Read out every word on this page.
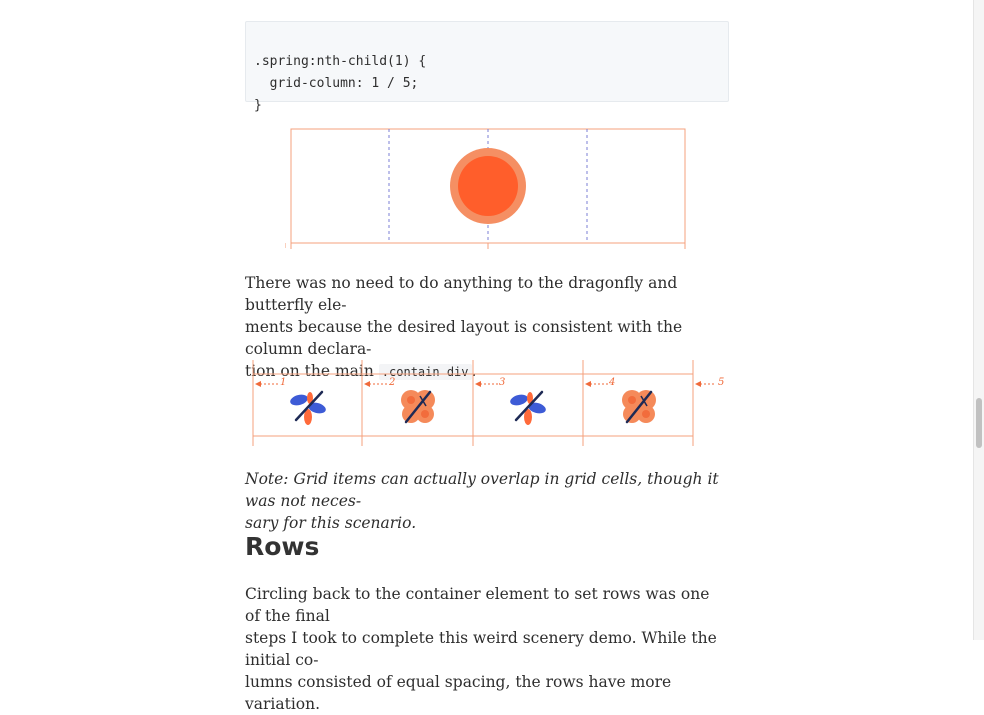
.spring:nth-child(1) {
grid-column: 1 / 5;
}

There was no need to do anything to the dragonfly and butterfly ele-
ments because the desired layout is consistent with the column declara-
tion on the main .contain div .

1	2	3	4	5

Note: Grid items can actually overlap in grid cells, though it was not neces-
sary for this scenario.

Rows

Circling back to the container element to set rows was one of the final
steps I took to complete this weird scenery demo. While the initial co-
lumns consisted of equal spacing, the rows have more variation.
